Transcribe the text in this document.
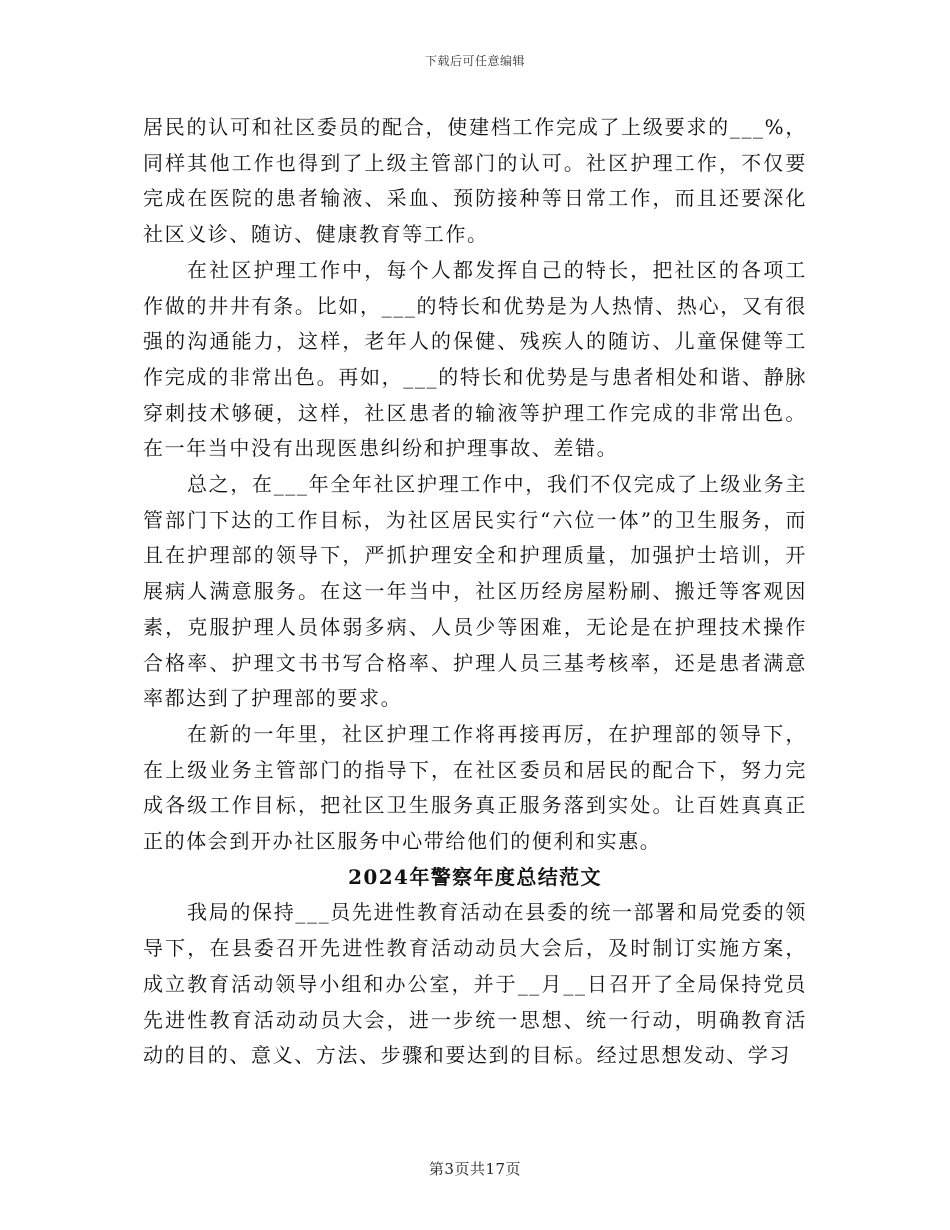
下载后可任意编辑

居民的认可和社区委员的配合，使建档工作完成了上级要求的___%，同样其他工作也得到了上级主管部门的认可。社区护理工作，不仅要完成在医院的患者输液、采血、预防接种等日常工作，而且还要深化社区义诊、随访、健康教育等工作。

在社区护理工作中，每个人都发挥自己的特长，把社区的各项工作做的井井有条。比如，___的特长和优势是为人热情、热心，又有很强的沟通能力，这样，老年人的保健、残疾人的随访、儿童保健等工作完成的非常出色。再如，___的特长和优势是与患者相处和谐、静脉穿刺技术够硬，这样，社区患者的输液等护理工作完成的非常出色。在一年当中没有出现医患纠纷和护理事故、差错。

总之，在___年全年社区护理工作中，我们不仅完成了上级业务主管部门下达的工作目标，为社区居民实行“六位一体”的卫生服务，而且在护理部的领导下，严抓护理安全和护理质量，加强护士培训，开展病人满意服务。在这一年当中，社区历经房屋粉刷、搬迁等客观因素，克服护理人员体弱多病、人员少等困难，无论是在护理技术操作合格率、护理文书书写合格率、护理人员三基考核率，还是患者满意率都达到了护理部的要求。

在新的一年里，社区护理工作将再接再厉，在护理部的领导下，在上级业务主管部门的指导下，在社区委员和居民的配合下，努力完成各级工作目标，把社区卫生服务真正服务落到实处。让百姓真真正正的体会到开办社区服务中心带给他们的便利和实惠。

2024年警察年度总结范文

我局的保持___员先进性教育活动在县委的统一部署和局党委的领导下，在县委召开先进性教育活动动员大会后，及时制订实施方案，成立教育活动领导小组和办公室，并于__月__日召开了全局保持党员先进性教育活动动员大会，进一步统一思想、统一行动，明确教育活动的目的、意义、方法、步骤和要达到的目标。经过思想发动、学习

第3页共17页
